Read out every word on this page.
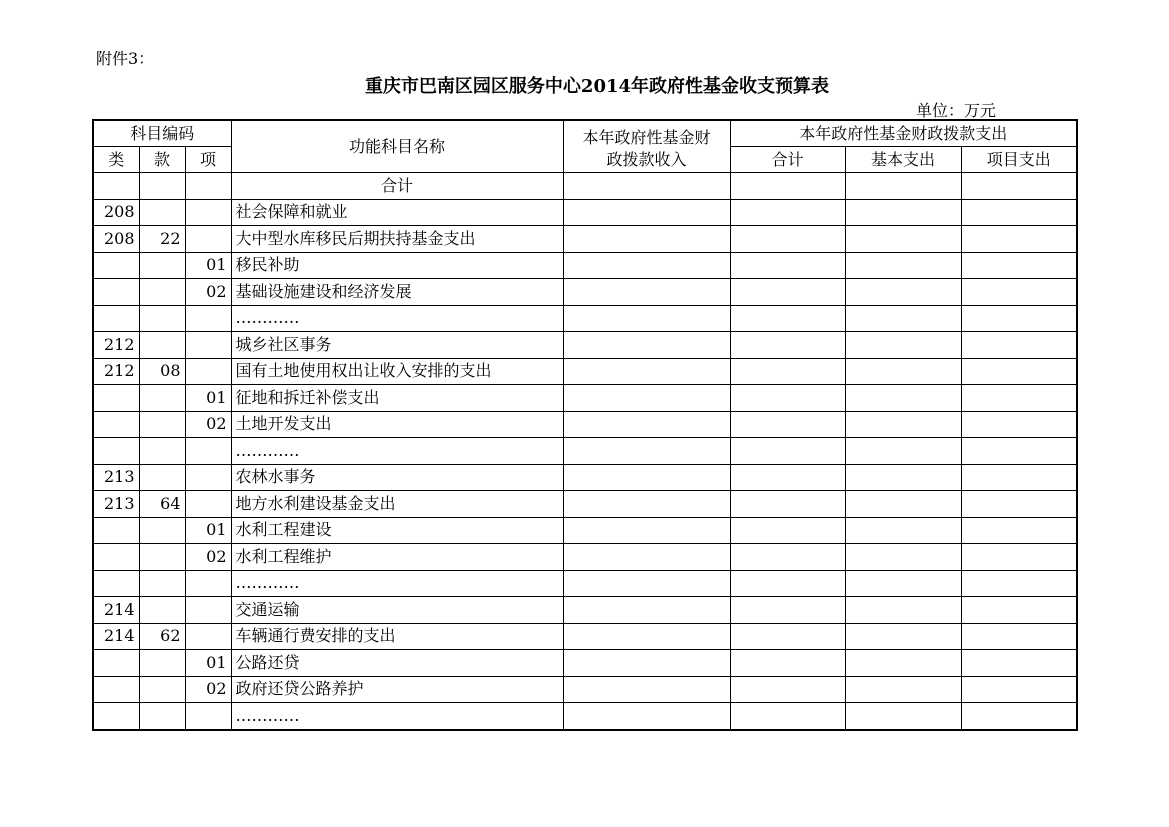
附件3：
重庆市巴南区园区服务中心2014年政府性基金收支预算表
单位：万元
科目编码			功能科目名称	本年政府性基金财政拨款收入	本年政府性基金财政拨款支出		
类	款	项			合计	基本支出	项目支出
			合计				
208			社会保障和就业				
208	22		大中型水库移民后期扶持基金支出				
		01	移民补助				
		02	基础设施建设和经济发展				
			…………				
212			城乡社区事务				
212	08		国有土地使用权出让收入安排的支出				
		01	征地和拆迁补偿支出				
		02	土地开发支出				
			…………				
213			农林水事务				
213	64		地方水利建设基金支出				
		01	水利工程建设				
		02	水利工程维护				
			…………				
214			交通运输				
214	62		车辆通行费安排的支出				
		01	公路还贷				
		02	政府还贷公路养护				
			…………				
